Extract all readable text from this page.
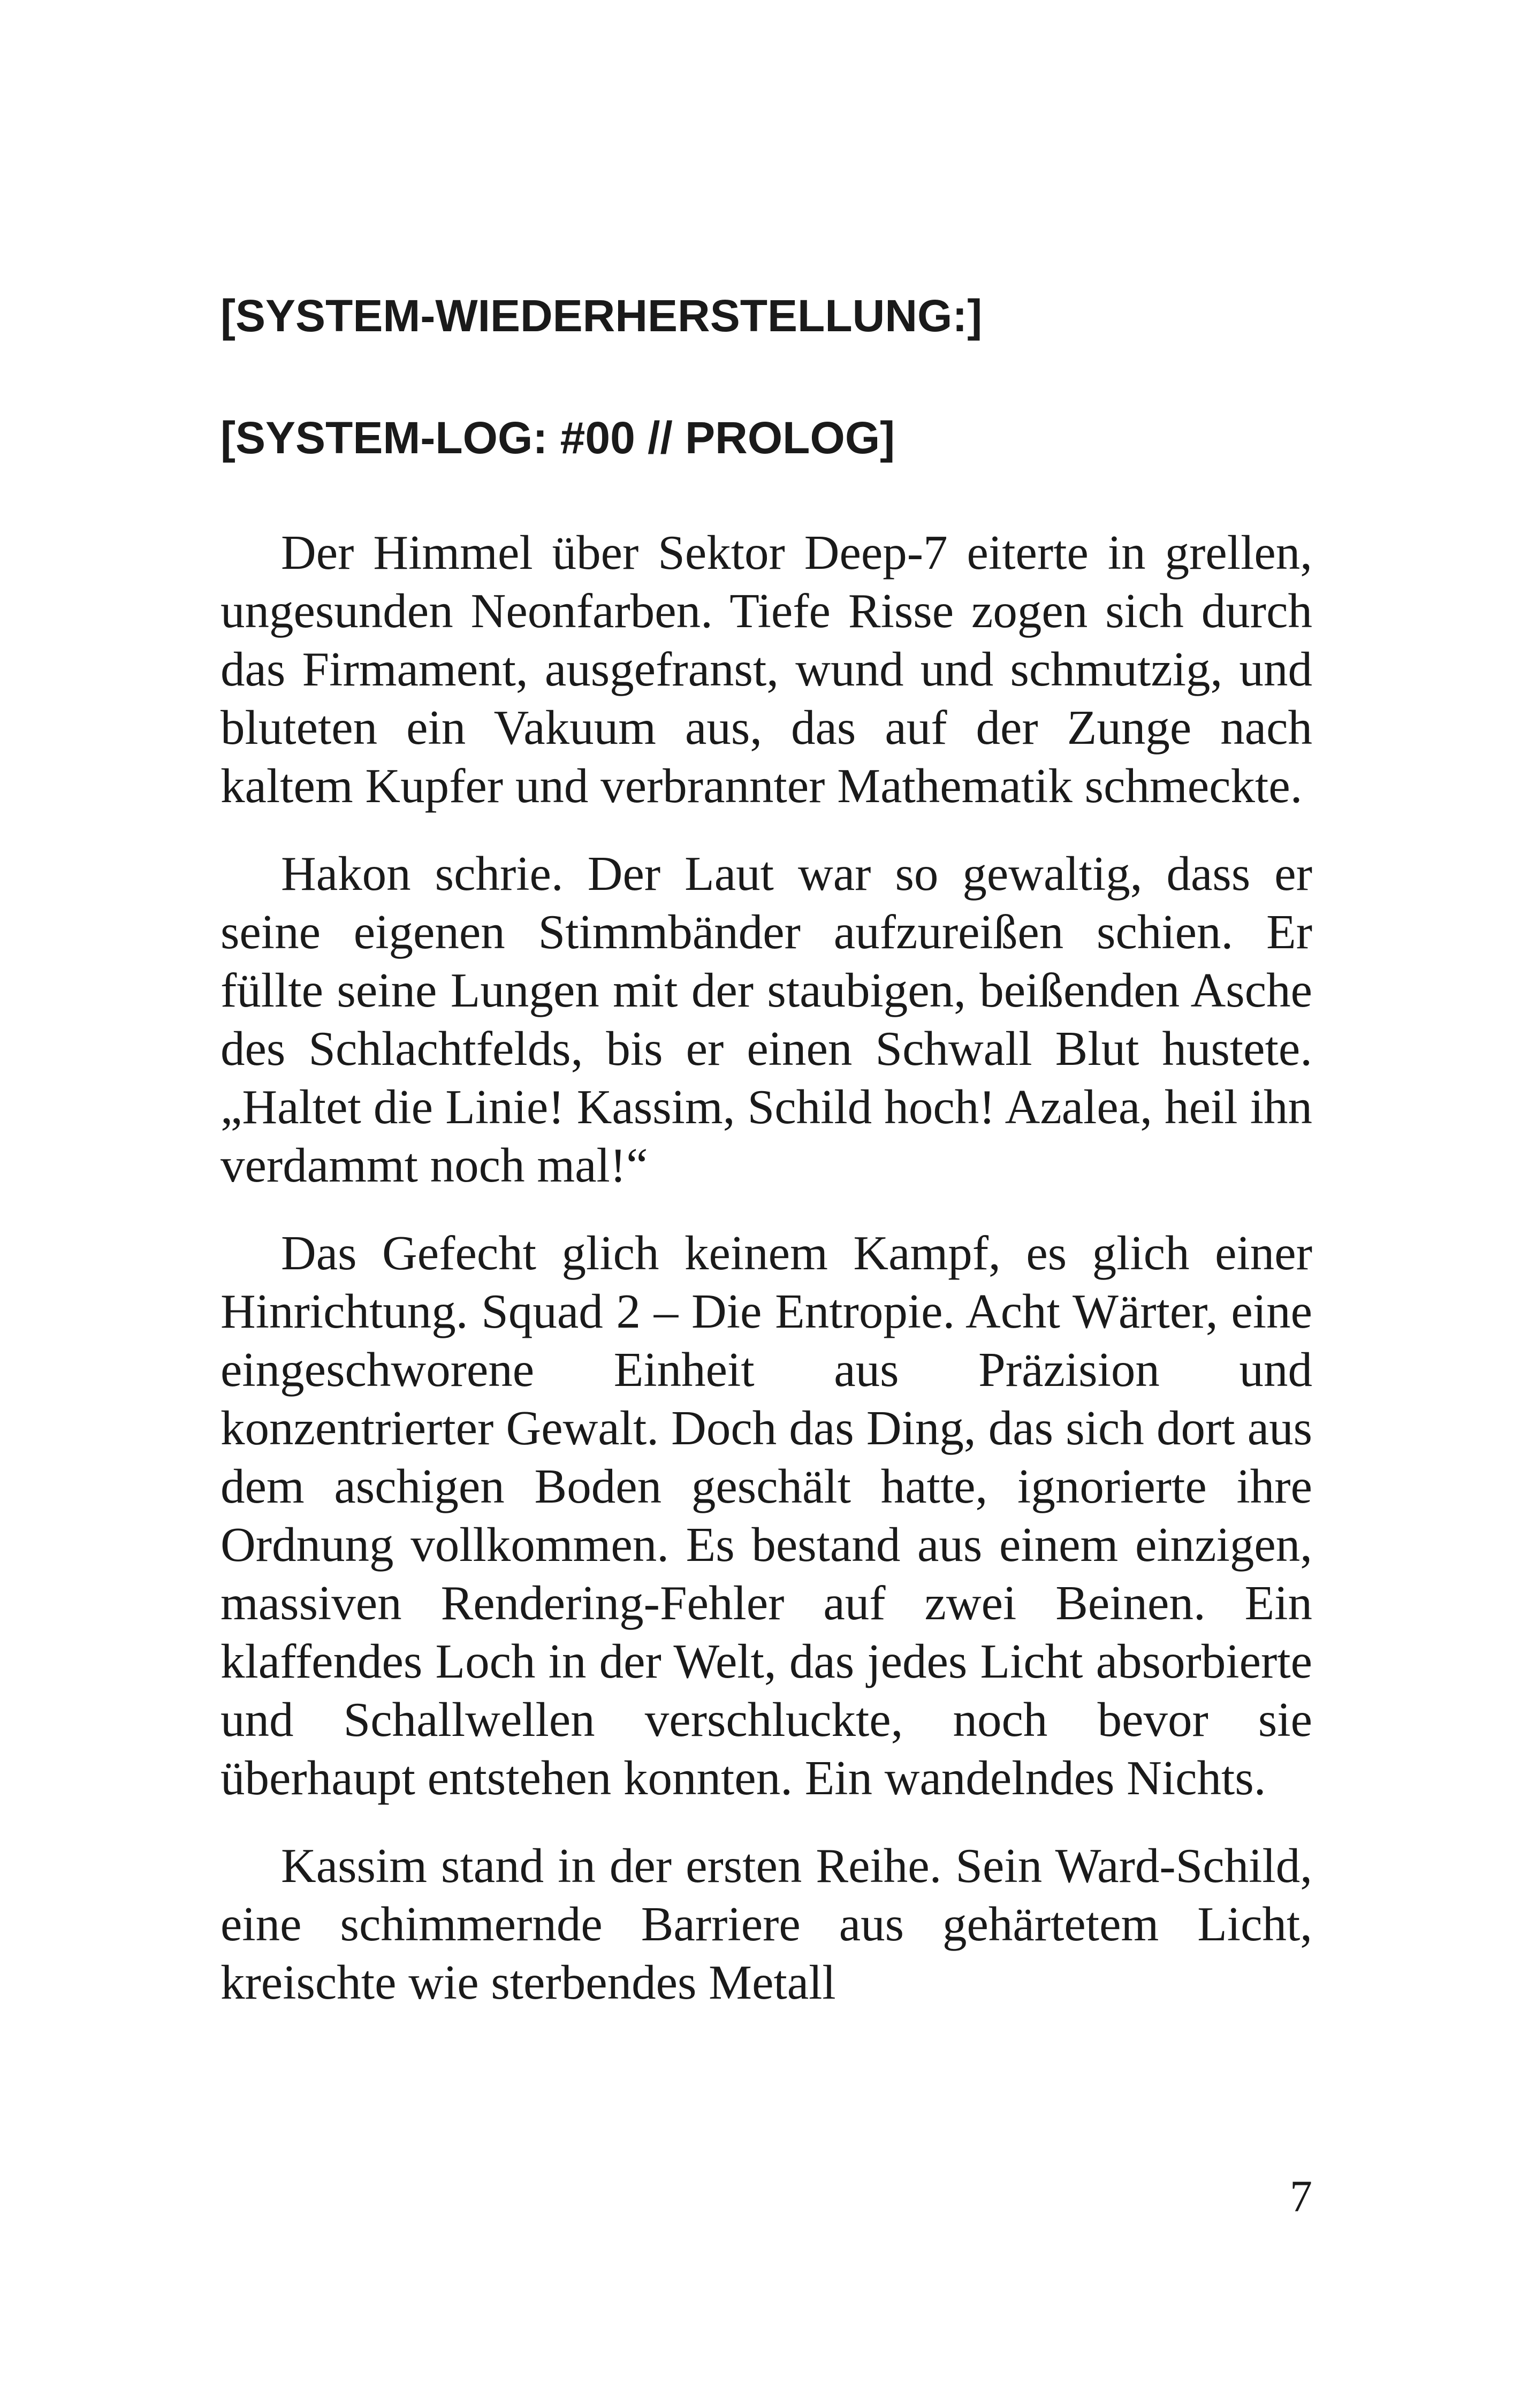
[SYSTEM-WIEDERHERSTELLUNG:]

[SYSTEM-LOG: #00 // PROLOG]

Der Himmel über Sektor Deep-7 eiterte in grellen, ungesunden Neonfarben. Tiefe Risse zogen sich durch das Firmament, ausgefranst, wund und schmutzig, und bluteten ein Vakuum aus, das auf der Zunge nach kaltem Kupfer und verbrannter Mathematik schmeckte.

Hakon schrie. Der Laut war so gewaltig, dass er seine eigenen Stimmbänder aufzureißen schien. Er füllte seine Lungen mit der staubigen, beißenden Asche des Schlachtfelds, bis er einen Schwall Blut hustete. „Haltet die Linie! Kassim, Schild hoch! Azalea, heil ihn verdammt noch mal!“

Das Gefecht glich keinem Kampf, es glich einer Hinrichtung. Squad 2 – Die Entropie. Acht Wärter, eine eingeschworene Einheit aus Präzision und konzentrierter Gewalt. Doch das Ding, das sich dort aus dem aschigen Boden geschält hatte, ignorierte ihre Ordnung vollkommen. Es bestand aus einem einzigen, massiven Rendering-Fehler auf zwei Beinen. Ein klaffendes Loch in der Welt, das jedes Licht absorbierte und Schallwellen verschluckte, noch bevor sie überhaupt entstehen konnten. Ein wandelndes Nichts.

Kassim stand in der ersten Reihe. Sein Ward-Schild, eine schimmernde Barriere aus gehärtetem Licht, kreischte wie sterbendes Metall

7
